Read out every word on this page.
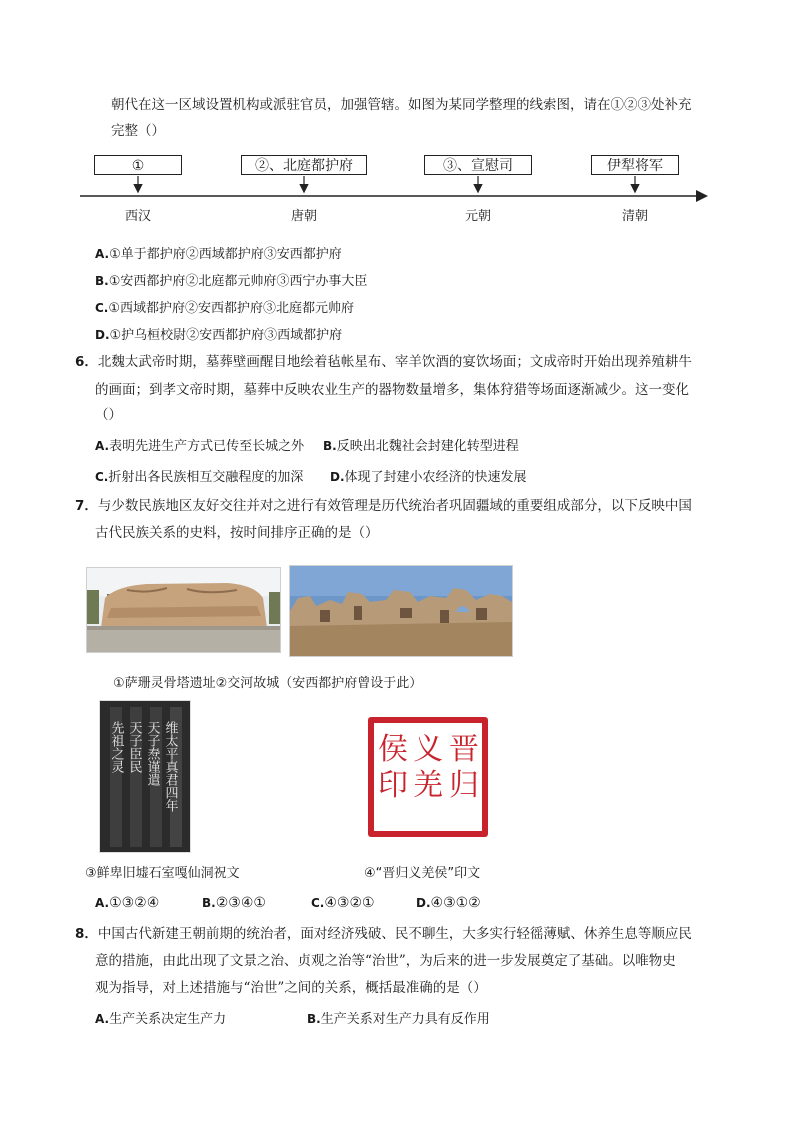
朝代在这一区域设置机构或派驻官员，加强管辖。如图为某同学整理的线索图，请在①②③处补充
完整（）
①	②、北庭都护府	③、宣慰司	伊犁将军
西汉	唐朝	元朝	清朝
A.①单于都护府②西域都护府③安西都护府
B.①安西都护府②北庭都元帅府③西宁办事大臣
C.①西域都护府②安西都护府③北庭都元帅府
D.①护乌桓校尉②安西都护府③西域都护府
6．北魏太武帝时期，墓葬壁画醒目地绘着毡帐星布、宰羊饮酒的宴饮场面；文成帝时开始出现养殖耕牛
的画面；到孝文帝时期，墓葬中反映农业生产的器物数量增多，集体狩猎等场面逐渐减少。这一变化
（）
A.表明先进生产方式已传至长城之外 B.反映出北魏社会封建化转型进程
C.折射出各民族相互交融程度的加深 D.体现了封建小农经济的快速发展
7．与少数民族地区友好交往并对之进行有效管理是历代统治者巩固疆域的重要组成部分，以下反映中国
古代民族关系的史料，按时间排序正确的是（）
①萨珊灵骨塔遗址②交河故城（安西都护府曾设于此）
维太平真君四年
天子焘谨遣
天子臣民
先祖之灵	晋
归
义
羌
侯
印
③鲜卑旧墟石室嘎仙洞祝文	④“晋归义羌侯”印文
A.①③②④	B.②③④①	C.④③②①	D.④③①②
8．中国古代新建王朝前期的统治者，面对经济残破、民不聊生，大多实行轻徭薄赋、休养生息等顺应民
意的措施，由此出现了文景之治、贞观之治等“治世”，为后来的进一步发展奠定了基础。以唯物史
观为指导，对上述措施与“治世”之间的关系，概括最准确的是（）
A.生产关系决定生产力	B.生产关系对生产力具有反作用
